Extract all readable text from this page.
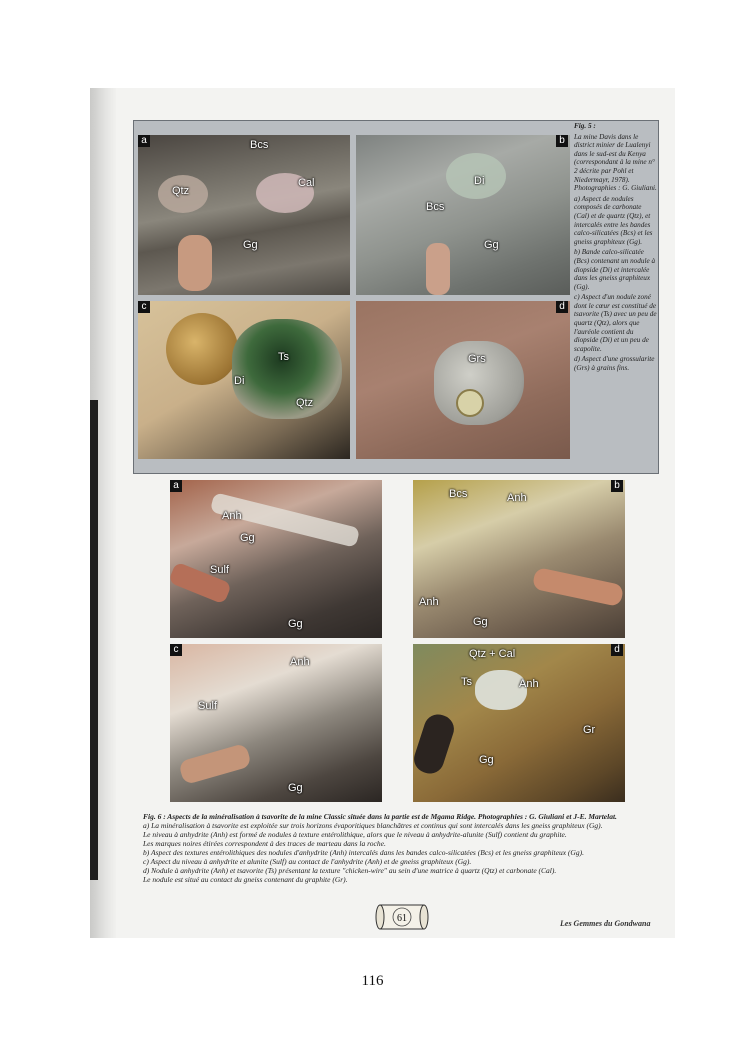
a	Bcs
Qtz
Cal
Gg
b
Di
Bcs
Gg
c
Ts
Di
Qtz
d
Grs

Fig. 5 :

La mine Davis dans le district minier de Lualenyi dans le sud-est du Kenya (correspondant à la mine n° 2 décrite par Pohl et Niedermayr, 1978). Photographies : G. Giuliani.

a) Aspect de nodules composés de carbonate (Cal) et de quartz (Qtz), et intercalés entre les bandes calco-silicatées (Bcs) et les gneiss graphiteux (Gg).

b) Bande calco-silicatée (Bcs) contenant un nodule à diopside (Di) et intercalée dans les gneiss graphiteux (Gg).

c) Aspect d'un nodule zoné dont le cœur est constitué de tsavorite (Ts) avec un peu de quartz (Qtz), alors que l'auréole contient du diopside (Di) et un peu de scapolite.

d) Aspect d'une grossularite (Grs) à grains fins.

a
Anh
Gg
Sulf
Gg
b
Bcs	Anh
Anh
Gg
c
Anh
Sulf
Gg
d
Qtz + Cal
Ts	Anh
Gr
Gg

Fig. 6 : Aspects de la minéralisation à tsavorite de la mine Classic située dans la partie est de Mgama Ridge. Photographies : G. Giuliani et J-E. Martelat.

a) La minéralisation à tsavorite est exploitée sur trois horizons évaporitiques blanchâtres et continus qui sont intercalés dans les gneiss graphiteux (Gg).

Le niveau à anhydrite (Anh) est formé de nodules à texture entérolithique, alors que le niveau à anhydrite-alunite (Sulf) contient du graphite.

Les marques noires étirées correspondent à des traces de marteau dans la roche.

b) Aspect des textures entérolithiques des nodules d'anhydrite (Anh) intercalés dans les bandes calco-silicatées (Bcs) et les gneiss graphiteux (Gg).

c) Aspect du niveau à anhydrite et alunite (Sulf) au contact de l'anhydrite (Anh) et de gneiss graphiteux (Gg).

d) Nodule à anhydrite (Anh) et tsavorite (Ts) présentant la texture "chicken-wire" au sein d'une matrice à quartz (Qtz) et carbonate (Cal).

Le nodule est situé au contact du gneiss contenant du graphite (Gr).

61	Les Gemmes du Gondwana
116
